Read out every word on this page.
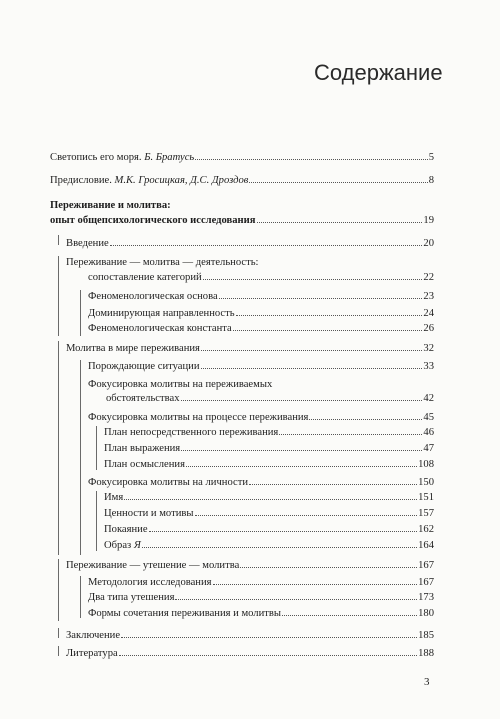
Содержание
Светопись его моря. Б. Братусь	5
Предисловие. М.К. Гросицкая, Д.С. Дроздов	8
Переживание и молитва:
опыт общепсихологического исследования	19
Введение	20
Переживание — молитва — деятельность:
сопоставление категорий	22
Феноменологическая основа	23
Доминирующая направленность	24
Феноменологическая константа	26
Молитва в мире переживания	32
Порождающие ситуации	33
Фокусировка молитвы на переживаемых
обстоятельствах	42
Фокусировка молитвы на процессе переживания	45
План непосредственного переживания	46
План выражения	47
План осмысления	108
Фокусировка молитвы на личности	150
Имя	151
Ценности и мотивы	157
Покаяние	162
Образ Я	164
Переживание — утешение — молитва	167
Методология исследования	167
Два типа утешения	173
Формы сочетания переживания и молитвы	180
Заключение	185
Литература	188
3
